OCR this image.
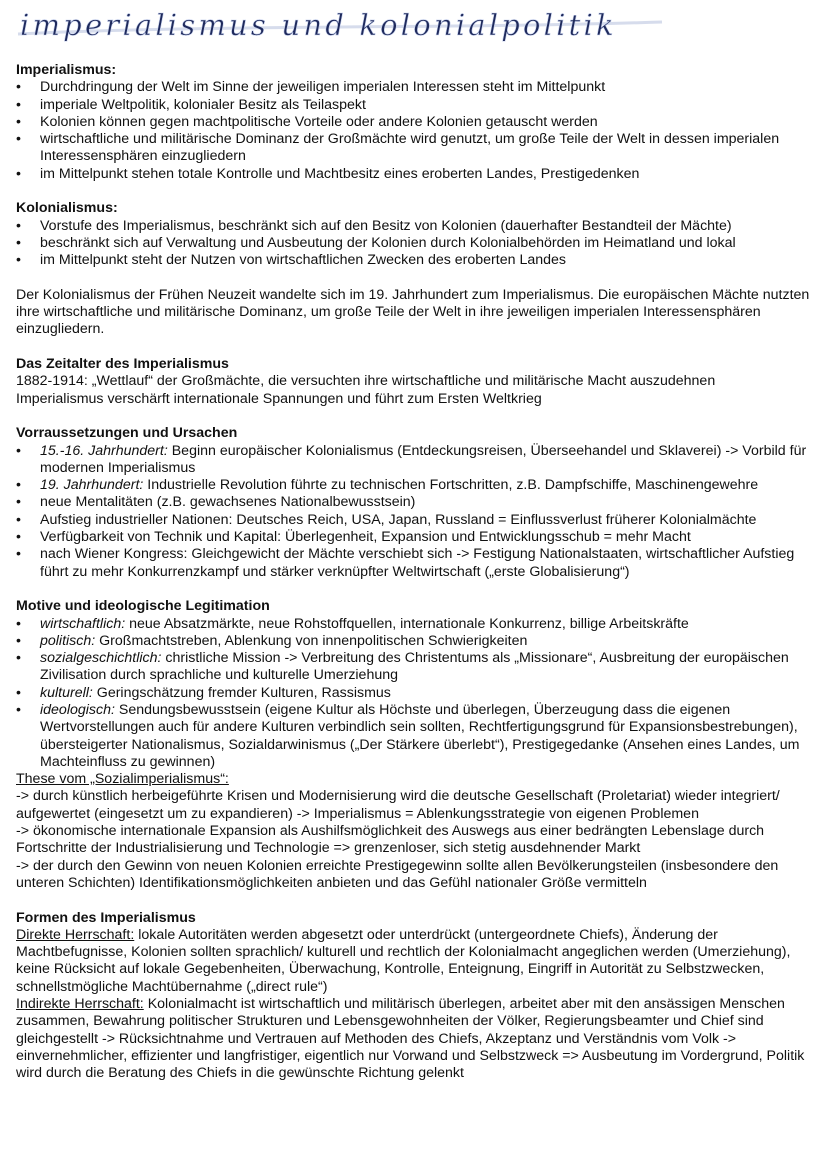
imperialismus und kolonialpolitik
Imperialismus:
• Durchdringung der Welt im Sinne der jeweiligen imperialen Interessen steht im Mittelpunkt
• imperiale Weltpolitik, kolonialer Besitz als Teilaspekt
• Kolonien können gegen machtpolitische Vorteile oder andere Kolonien getauscht werden
• wirtschaftliche und militärische Dominanz der Großmächte wird genutzt, um große Teile der Welt in dessen imperialen Interessensphären einzugliedern
• im Mittelpunkt stehen totale Kontrolle und Machtbesitz eines eroberten Landes, Prestigedenken
Kolonialismus:
• Vorstufe des Imperialismus, beschränkt sich auf den Besitz von Kolonien (dauerhafter Bestandteil der Mächte)
• beschränkt sich auf Verwaltung und Ausbeutung der Kolonien durch Kolonialbehörden im Heimatland und lokal
• im Mittelpunkt steht der Nutzen von wirtschaftlichen Zwecken des eroberten Landes

Der Kolonialismus der Frühen Neuzeit wandelte sich im 19. Jahrhundert zum Imperialismus. Die europäischen Mächte nutzten ihre wirtschaftliche und militärische Dominanz, um große Teile der Welt in ihre jeweiligen imperialen Interessensphären einzugliedern.

Das Zeitalter des Imperialismus

1882-1914: „Wettlauf“ der Großmächte, die versuchten ihre wirtschaftliche und militärische Macht auszudehnen

Imperialismus verschärft internationale Spannungen und führt zum Ersten Weltkrieg

Vorraussetzungen und Ursachen
• 15.-16. Jahrhundert: Beginn europäischer Kolonialismus (Entdeckungsreisen, Überseehandel und Sklaverei) -> Vorbild für modernen Imperialismus
• 19. Jahrhundert: Industrielle Revolution führte zu technischen Fortschritten, z.B. Dampfschiffe, Maschinengewehre
• neue Mentalitäten (z.B. gewachsenes Nationalbewusstsein)
• Aufstieg industrieller Nationen: Deutsches Reich, USA, Japan, Russland = Einflussverlust früherer Kolonialmächte
• Verfügbarkeit von Technik und Kapital: Überlegenheit, Expansion und Entwicklungsschub = mehr Macht
• nach Wiener Kongress: Gleichgewicht der Mächte verschiebt sich -> Festigung Nationalstaaten, wirtschaftlicher Aufstieg führt zu mehr Konkurrenzkampf und stärker verknüpfter Weltwirtschaft („erste Globalisierung“)
Motive und ideologische Legitimation
• wirtschaftlich: neue Absatzmärkte, neue Rohstoffquellen, internationale Konkurrenz, billige Arbeitskräfte
• politisch: Großmachtstreben, Ablenkung von innenpolitischen Schwierigkeiten
• sozialgeschichtlich: christliche Mission -> Verbreitung des Christentums als „Missionare“, Ausbreitung der europäischen Zivilisation durch sprachliche und kulturelle Umerziehung
• kulturell: Geringschätzung fremder Kulturen, Rassismus
• ideologisch: Sendungsbewusstsein (eigene Kultur als Höchste und überlegen, Überzeugung dass die eigenen Wertvorstellungen auch für andere Kulturen verbindlich sein sollten, Rechtfertigungsgrund für Expansionsbestrebungen), übersteigerter Nationalismus, Sozialdarwinismus („Der Stärkere überlebt“), Prestigegedanke (Ansehen eines Landes, um Machteinfluss zu gewinnen)
These vom „Sozialimperialismus“:

-> durch künstlich herbeigeführte Krisen und Modernisierung wird die deutsche Gesellschaft (Proletariat) wieder integriert/ aufgewertet (eingesetzt um zu expandieren) -> Imperialismus = Ablenkungsstrategie von eigenen Problemen

-> ökonomische internationale Expansion als Aushilfsmöglichkeit des Auswegs aus einer bedrängten Lebenslage durch Fortschritte der Industrialisierung und Technologie => grenzenloser, sich stetig ausdehnender Markt

-> der durch den Gewinn von neuen Kolonien erreichte Prestigegewinn sollte allen Bevölkerungsteilen (insbesondere den unteren Schichten) Identifikationsmöglichkeiten anbieten und das Gefühl nationaler Größe vermitteln

Formen des Imperialismus

Direkte Herrschaft: lokale Autoritäten werden abgesetzt oder unterdrückt (untergeordnete Chiefs), Änderung der Machtbefugnisse, Kolonien sollten sprachlich/ kulturell und rechtlich der Kolonialmacht angeglichen werden (Umerziehung), keine Rücksicht auf lokale Gegebenheiten, Überwachung, Kontrolle, Enteignung, Eingriff in Autorität zu Selbstzwecken, schnellstmögliche Machtübernahme („direct rule“)

Indirekte Herrschaft: Kolonialmacht ist wirtschaftlich und militärisch überlegen, arbeitet aber mit den ansässigen Menschen zusammen, Bewahrung politischer Strukturen und Lebensgewohnheiten der Völker, Regierungsbeamter und Chief sind gleichgestellt -> Rücksichtnahme und Vertrauen auf Methoden des Chiefs, Akzeptanz und Verständnis vom Volk -> einvernehmlicher, effizienter und langfristiger, eigentlich nur Vorwand und Selbstzweck => Ausbeutung im Vordergrund, Politik wird durch die Beratung des Chiefs in die gewünschte Richtung gelenkt
